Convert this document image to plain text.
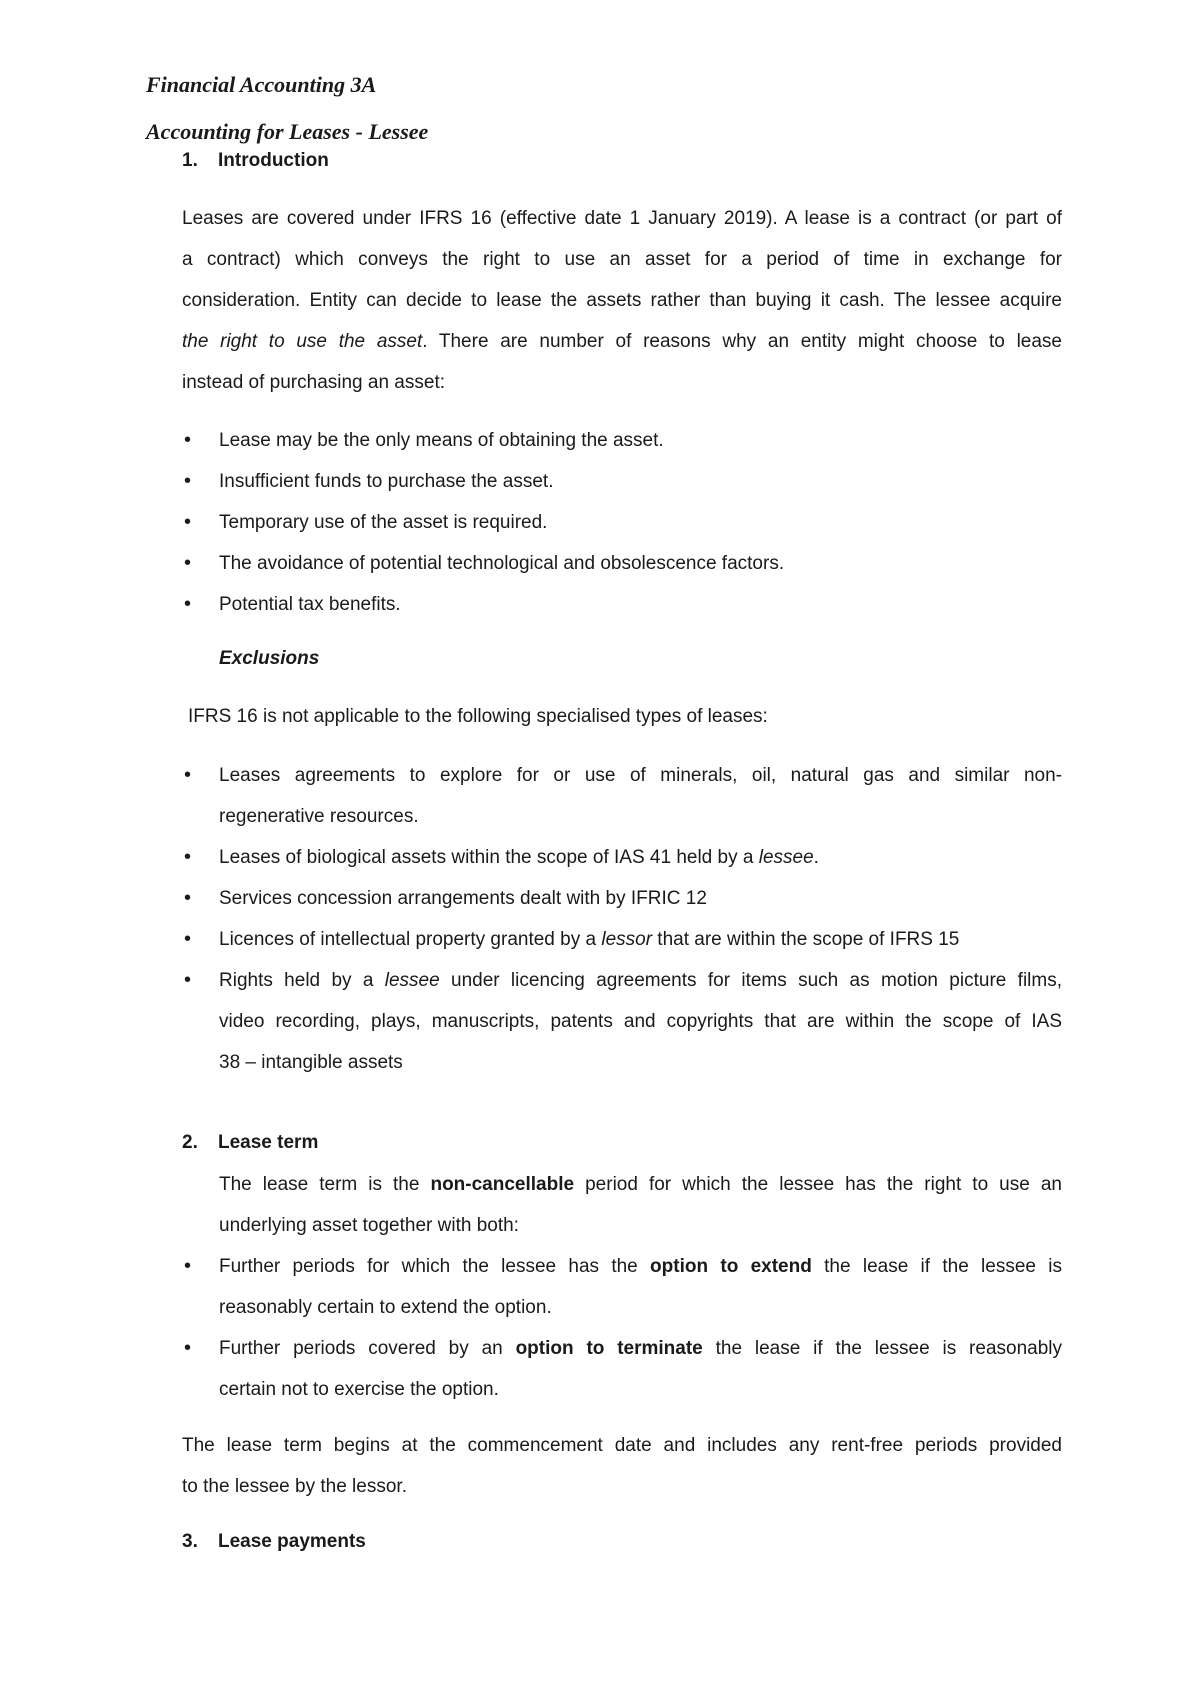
Financial Accounting 3A
Accounting for Leases - Lessee
1. Introduction
Leases are covered under IFRS 16 (effective date 1 January 2019). A lease is a contract (or part of
a contract) which conveys the right to use an asset for a period of time in exchange for
consideration. Entity can decide to lease the assets rather than buying it cash. The lessee acquire
the right to use the asset. There are number of reasons why an entity might choose to lease
instead of purchasing an asset:
• Lease may be the only means of obtaining the asset.
• Insufficient funds to purchase the asset.
• Temporary use of the asset is required.
• The avoidance of potential technological and obsolescence factors.
• Potential tax benefits.
Exclusions
IFRS 16 is not applicable to the following specialised types of leases:
• Leases agreements to explore for or use of minerals, oil, natural gas and similar non-
regenerative resources.
• Leases of biological assets within the scope of IAS 41 held by a lessee.
• Services concession arrangements dealt with by IFRIC 12
• Licences of intellectual property granted by a lessor that are within the scope of IFRS 15
• Rights held by a lessee under licencing agreements for items such as motion picture films,
video recording, plays, manuscripts, patents and copyrights that are within the scope of IAS
38 – intangible assets
2. Lease term
The lease term is the non-cancellable period for which the lessee has the right to use an
underlying asset together with both:
• Further periods for which the lessee has the option to extend the lease if the lessee is
reasonably certain to extend the option.
• Further periods covered by an option to terminate the lease if the lessee is reasonably
certain not to exercise the option.
The lease term begins at the commencement date and includes any rent-free periods provided
to the lessee by the lessor.
3. Lease payments
